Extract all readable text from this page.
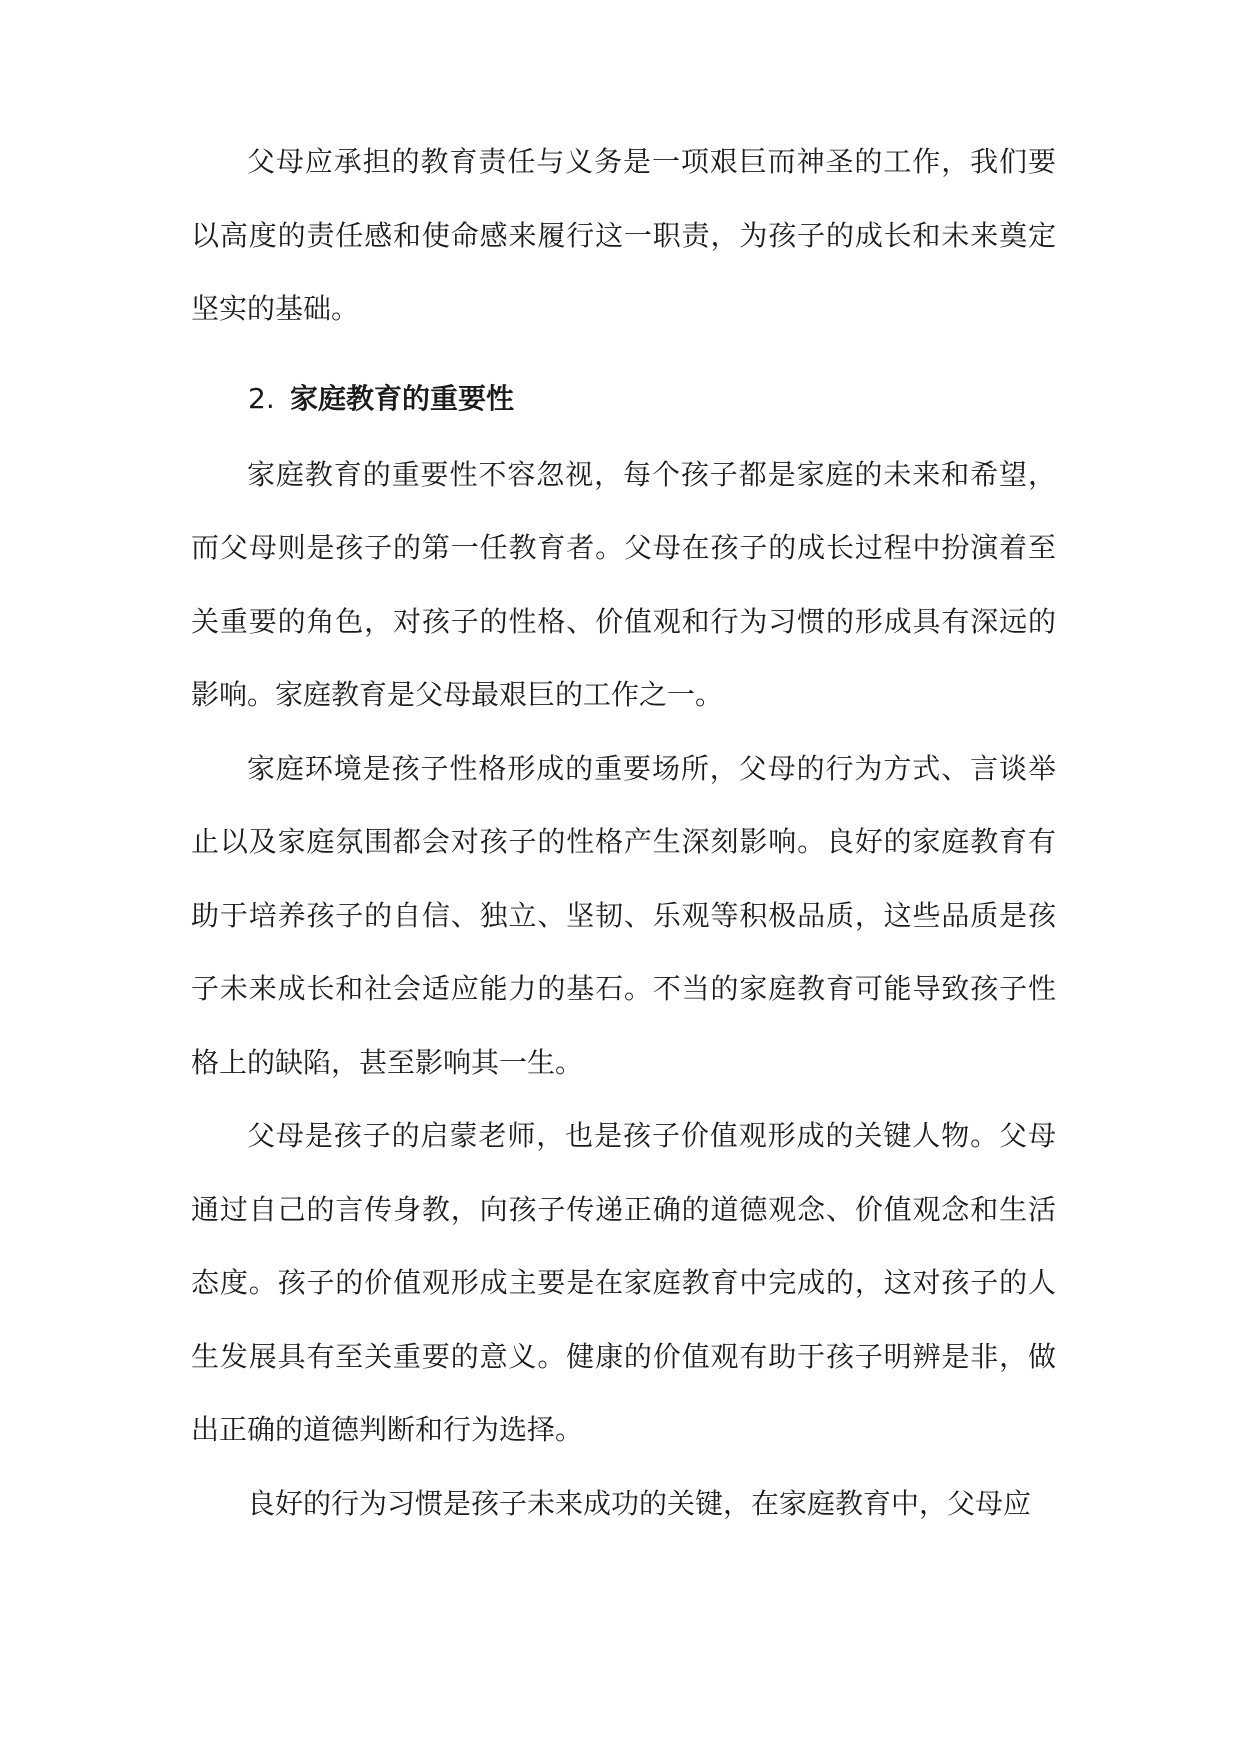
父母应承担的教育责任与义务是一项艰巨而神圣的工作，我们要以高度的责任感和使命感来履行这一职责，为孩子的成长和未来奠定坚实的基础。

2. 家庭教育的重要性

家庭教育的重要性不容忽视，每个孩子都是家庭的未来和希望，而父母则是孩子的第一任教育者。父母在孩子的成长过程中扮演着至关重要的角色，对孩子的性格、价值观和行为习惯的形成具有深远的影响。家庭教育是父母最艰巨的工作之一。

家庭环境是孩子性格形成的重要场所，父母的行为方式、言谈举止以及家庭氛围都会对孩子的性格产生深刻影响。良好的家庭教育有助于培养孩子的自信、独立、坚韧、乐观等积极品质，这些品质是孩子未来成长和社会适应能力的基石。不当的家庭教育可能导致孩子性格上的缺陷，甚至影响其一生。

父母是孩子的启蒙老师，也是孩子价值观形成的关键人物。父母通过自己的言传身教，向孩子传递正确的道德观念、价值观念和生活态度。孩子的价值观形成主要是在家庭教育中完成的，这对孩子的人生发展具有至关重要的意义。健康的价值观有助于孩子明辨是非，做出正确的道德判断和行为选择。

良好的行为习惯是孩子未来成功的关键，在家庭教育中，父母应
